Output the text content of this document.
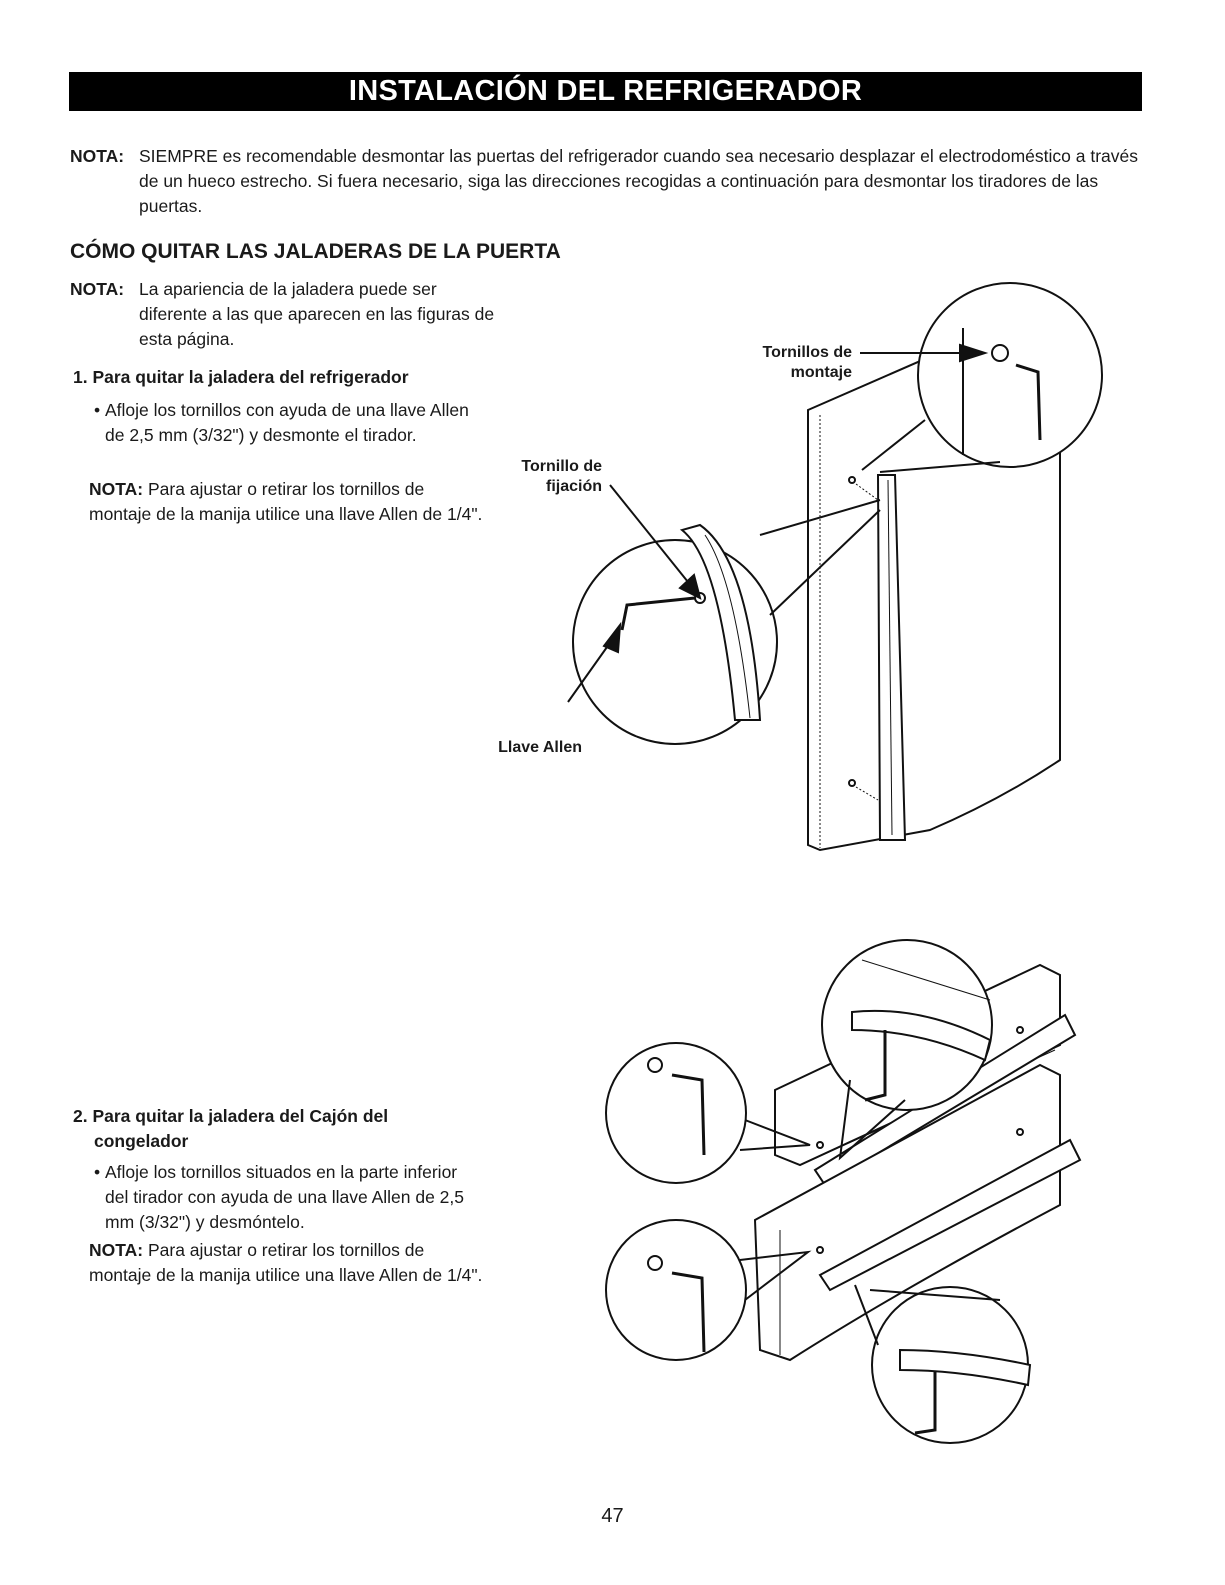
INSTALACIÓN DEL REFRIGERADOR
NOTA: SIEMPRE es recomendable desmontar las puertas del refrigerador cuando sea necesario desplazar el electrodoméstico a través de un hueco estrecho. Si fuera necesario, siga las direcciones recogidas a continuación para desmontar los tiradores de las puertas.

CÓMO QUITAR LAS JALADERAS DE LA PUERTA
NOTA: La apariencia de la jaladera puede ser diferente a las que aparecen en las figuras de esta página.
1. Para quitar la jaladera del refrigerador
• Afloje los tornillos con ayuda de una llave Allen de 2,5 mm (3/32") y desmonte el tirador.
NOTA: Para ajustar o retirar los tornillos de montaje de la manija utilice una llave Allen de 1/4".
2. Para quitar la jaladera del Cajón del
congelador
• Afloje los tornillos situados en la parte inferior del tirador con ayuda de una llave Allen de 2,5 mm (3/32") y desmóntelo.
NOTA: Para ajustar o retirar los tornillos de montaje de la manija utilice una llave Allen de 1/4".
Tornillos de
montaje
Tornillo de
fijación
Llave Allen
47
